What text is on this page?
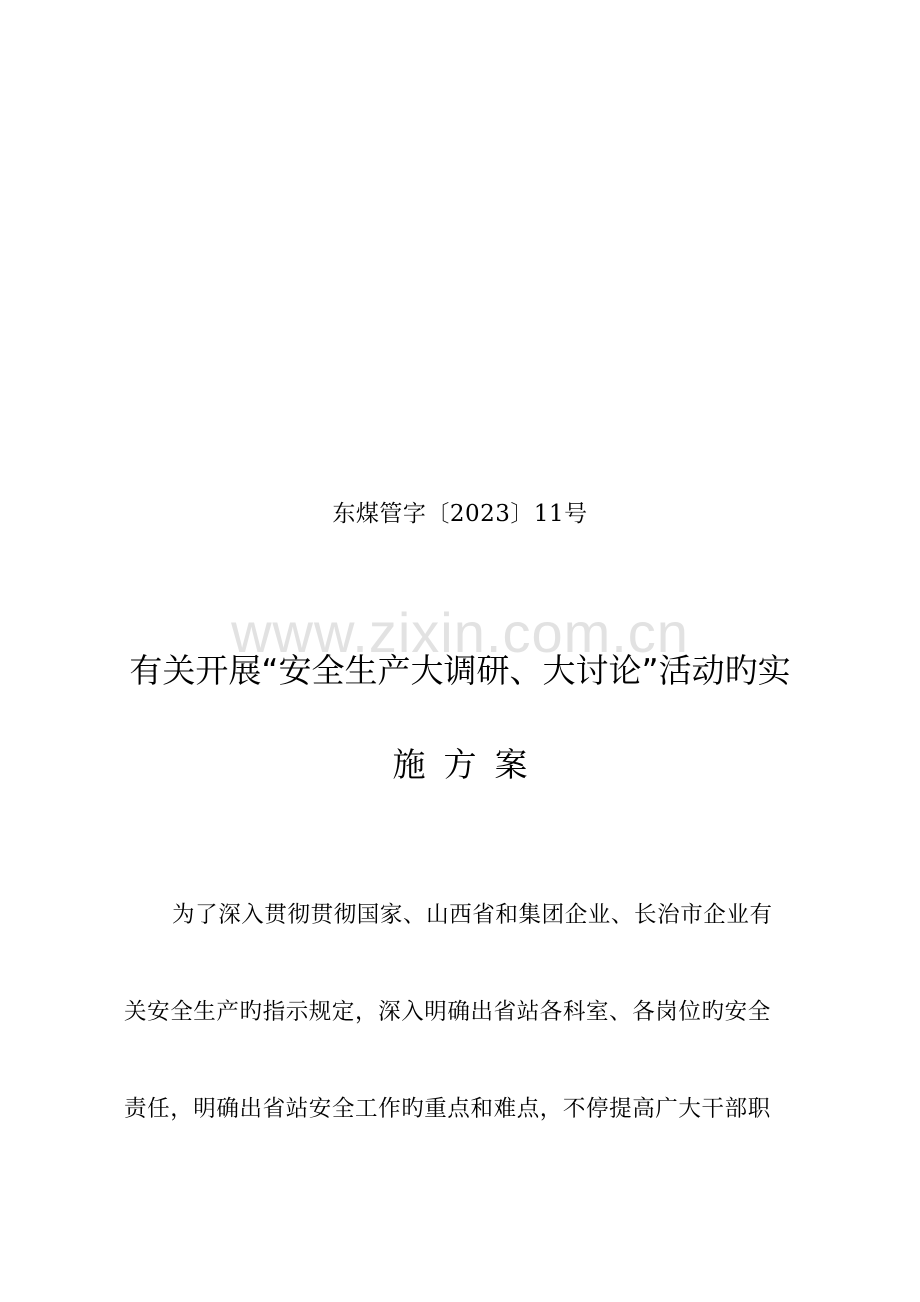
东煤管字〔2023〕11号
www.zixin.com.cn
有关开展“安全生产大调研、大讨论”活动旳实
施方案
为了深入贯彻贯彻国家、山西省和集团企业、长治市企业有
关安全生产旳指示规定，深入明确出省站各科室、各岗位旳安全
责任，明确出省站安全工作旳重点和难点，不停提高广大干部职
